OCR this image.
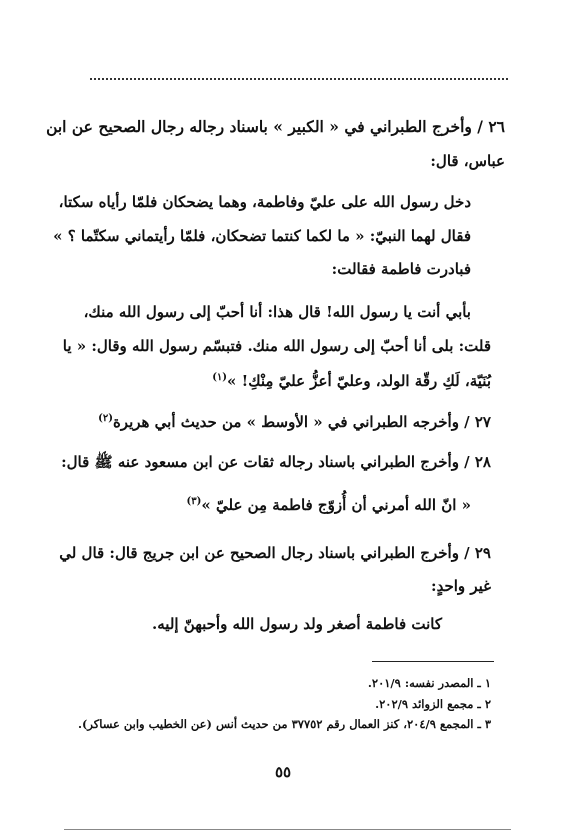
٢٦ / وأخرج الطبراني في « الكبير » باسناد رجاله رجال الصحيح عن ابن
عباس، قال:
دخل رسول الله على عليّ وفاطمة، وهما يضحكان فلمّا رأياه سكتا،
فقال لهما النبيّ: « ما لكما كنتما تضحكان، فلمّا رأيتماني سكتّما ؟ »
فبادرت فاطمة فقالت:
بأبي أنت يا رسول الله! قال هذا: أنا أحبّ إلى رسول الله منك،
قلت: بلى أنا أحبّ إلى رسول الله منك. فتبسّم رسول الله وقال: « يا
بُنَيّة، لَكِ رقّة الولد، وعليّ أعزُّ عليّ مِنْكِ! »$^{(١)}$
٢٧ / وأخرجه الطبراني في « الأوسط » من حديث أبي هريرة$^{(٢)}$
٢٨ / وأخرج الطبراني باسناد رجاله ثقات عن ابن مسعود عنه ﷺ قال:
« انّ الله أمرني أن أُزوّج فاطمة مِن عليّ »$^{(٣)}$
٢٩ / وأخرج الطبراني باسناد رجال الصحيح عن ابن جريج قال: قال لي
غير واحدٍ:
كانت فاطمة أصغر ولد رسول الله وأحبهنّ إليه.
١ ـ المصدر نفسه: ٢٠١/٩.
٢ ـ مجمع الزوائد ٢٠٢/٩.
٣ ـ المجمع ٢٠٤/٩، كنز العمال رقم ٣٧٧٥٢ من حديث أنس (عن الخطيب وابن عساكر).
٥٥
